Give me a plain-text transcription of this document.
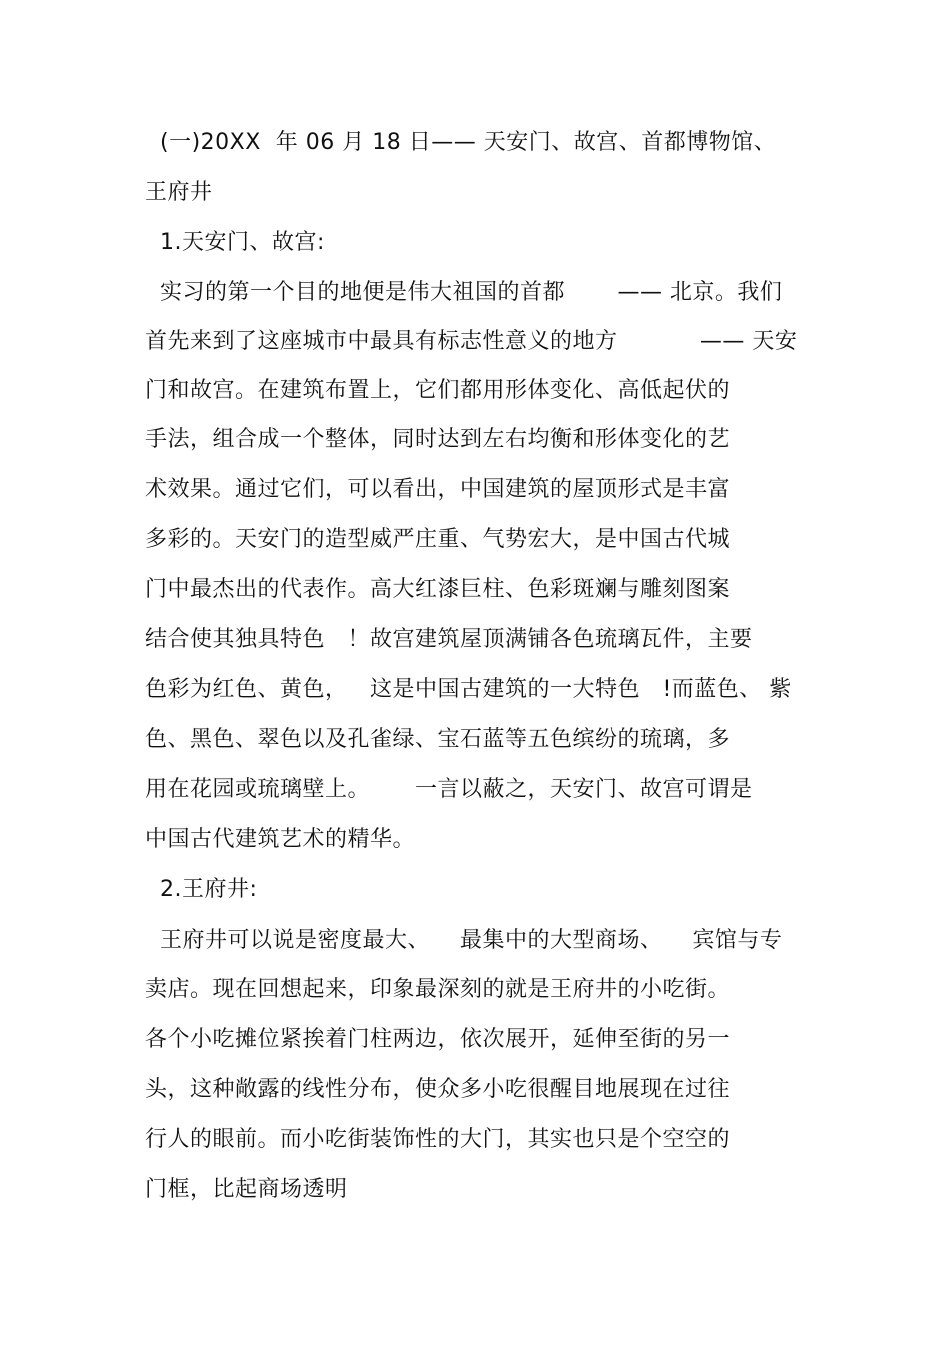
(一)20XX  年 06 月 18 日—— 天安门、故宫、首都博物馆、
王府井
1.天安门、故宫:
实习的第一个目的地便是伟大祖国的首都       —— 北京。我们
首先来到了这座城市中最具有标志性意义的地方           —— 天安
门和故宫。在建筑布置上，它们都用形体变化、高低起伏的
手法，组合成一个整体，同时达到左右均衡和形体变化的艺
术效果。通过它们，可以看出，中国建筑的屋顶形式是丰富
多彩的。天安门的造型威严庄重、气势宏大，是中国古代城
门中最杰出的代表作。高大红漆巨柱、色彩斑斓与雕刻图案
结合使其独具特色   ！故宫建筑屋顶满铺各色琉璃瓦件，主要
色彩为红色、黄色，   这是中国古建筑的一大特色   !而蓝色、 紫
色、黑色、翠色以及孔雀绿、宝石蓝等五色缤纷的琉璃，多
用在花园或琉璃壁上。      一言以蔽之，天安门、故宫可谓是
中国古代建筑艺术的精华。
2.王府井:
王府井可以说是密度最大、    最集中的大型商场、    宾馆与专
卖店。现在回想起来，印象最深刻的就是王府井的小吃街。
各个小吃摊位紧挨着门柱两边，依次展开，延伸至街的另一
头，这种敞露的线性分布，使众多小吃很醒目地展现在过往
行人的眼前。而小吃街装饰性的大门，其实也只是个空空的
门框，比起商场透明
